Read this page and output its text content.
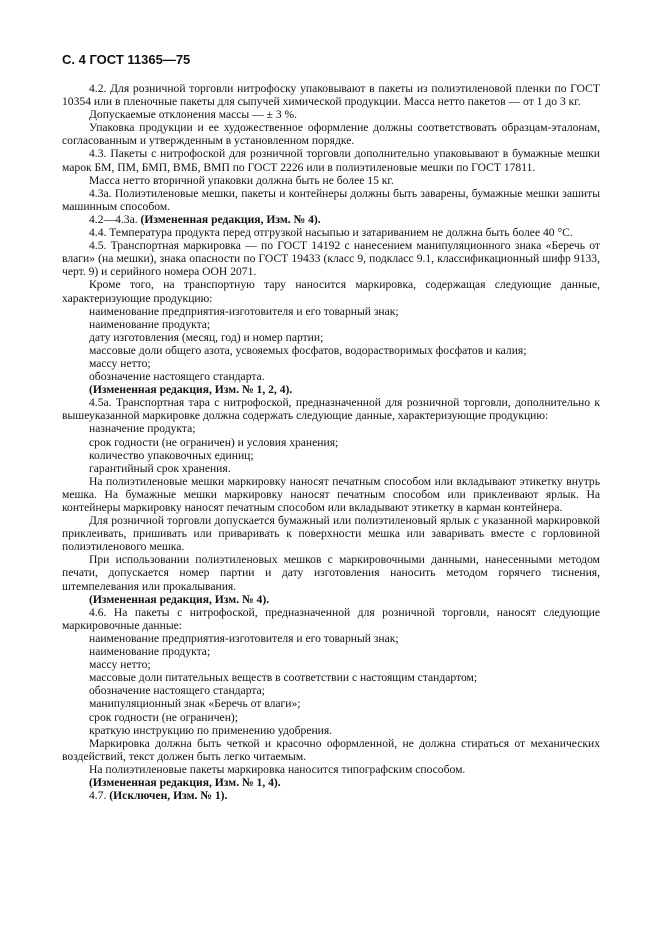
С. 4 ГОСТ 11365—75

4.2. Для розничной торговли нитрофоску упаковывают в пакеты из полиэтиленовой пленки по ГОСТ 10354 или в пленочные пакеты для сыпучей химической продукции. Масса нетто пакетов — от 1 до 3 кг.

Допускаемые отклонения массы — ± 3 %.

Упаковка продукции и ее художественное оформление должны соответствовать образцам-эталонам, согласованным и утвержденным в установленном порядке.

4.3. Пакеты с нитрофоской для розничной торговли дополнительно упаковывают в бумажные мешки марок БМ, ПМ, БМП, ВМБ, ВМП по ГОСТ 2226 или в полиэтиленовые мешки по ГОСТ 17811.

Масса нетто вторичной упаковки должна быть не более 15 кг.

4.3а. Полиэтиленовые мешки, пакеты и контейнеры должны быть заварены, бумажные мешки зашиты машинным способом.

4.2—4.3а. (Измененная редакция, Изм. № 4).

4.4. Температура продукта перед отгрузкой насыпью и затариванием не должна быть более 40 °С.

4.5. Транспортная маркировка — по ГОСТ 14192 с нанесением манипуляционного знака «Беречь от влаги» (на мешки), знака опасности по ГОСТ 19433 (класс 9, подкласс 9.1, классификационный шифр 9133, черт. 9) и серийного номера ООН 2071.

Кроме того, на транспортную тару наносится маркировка, содержащая следующие данные, характеризующие продукцию:

наименование предприятия-изготовителя и его товарный знак;

наименование продукта;

дату изготовления (месяц, год) и номер партии;

массовые доли общего азота, усвояемых фосфатов, водорастворимых фосфатов и калия;

массу нетто;

обозначение настоящего стандарта.

(Измененная редакция, Изм. № 1, 2, 4).

4.5а. Транспортная тара с нитрофоской, предназначенной для розничной торговли, дополнительно к вышеуказанной маркировке должна содержать следующие данные, характеризующие продукцию:

назначение продукта;

срок годности (не ограничен) и условия хранения;

количество упаковочных единиц;

гарантийный срок хранения.

На полиэтиленовые мешки маркировку наносят печатным способом или вкладывают этикетку внутрь мешка. На бумажные мешки маркировку наносят печатным способом или приклеивают ярлык. На контейнеры маркировку наносят печатным способом или вкладывают этикетку в карман контейнера.

Для розничной торговли допускается бумажный или полиэтиленовый ярлык с указанной маркировкой приклеивать, пришивать или приваривать к поверхности мешка или заваривать вместе с горловиной полиэтиленового мешка.

При использовании полиэтиленовых мешков с маркировочными данными, нанесенными методом печати, допускается номер партии и дату изготовления наносить методом горячего тиснения, штемпелевания или прокалывания.

(Измененная редакция, Изм. № 4).

4.6. На пакеты с нитрофоской, предназначенной для розничной торговли, наносят следующие маркировочные данные:

наименование предприятия-изготовителя и его товарный знак;

наименование продукта;

массу нетто;

массовые доли питательных веществ в соответствии с настоящим стандартом;

обозначение настоящего стандарта;

манипуляционный знак «Беречь от влаги»;

срок годности (не ограничен);

краткую инструкцию по применению удобрения.

Маркировка должна быть четкой и красочно оформленной, не должна стираться от механических воздействий, текст должен быть легко читаемым.

На полиэтиленовые пакеты маркировка наносится типографским способом.

(Измененная редакция, Изм. № 1, 4).

4.7. (Исключен, Изм. № 1).
